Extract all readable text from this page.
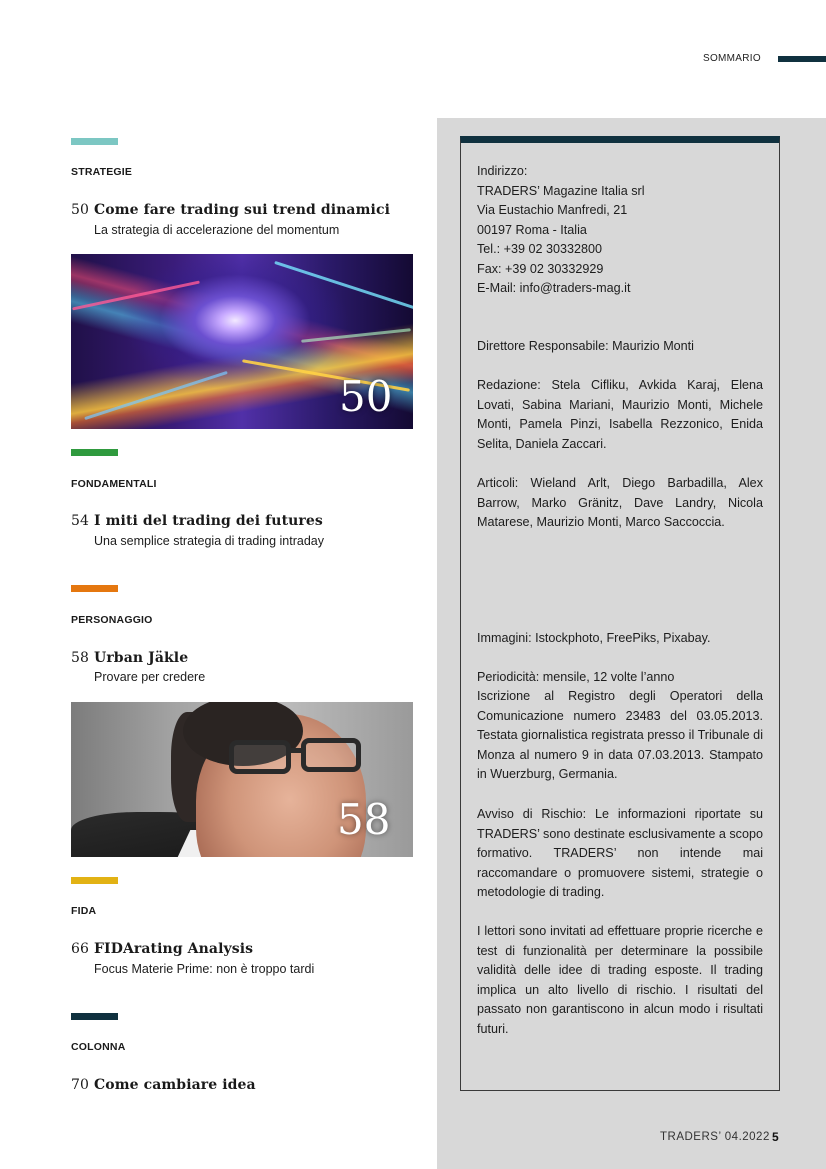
SOMMARIO
STRATEGIE
50 Come fare trading sui trend dinamici
La strategia di accelerazione del momentum
50
FONDAMENTALI
54 I miti del trading dei futures
Una semplice strategia di trading intraday
PERSONAGGIO
58 Urban Jäkle
Provare per credere
58
FIDA
66 FIDArating Analysis
Focus Materie Prime: non è troppo tardi
COLONNA
70 Come cambiare idea
Indirizzo:
TRADERS’ Magazine Italia srl
Via Eustachio Manfredi, 21
00197 Roma - Italia
Tel.: +39 02 30332800
Fax: +39 02 30332929
E-Mail: info@traders-mag.it
Direttore Responsabile: Maurizio Monti
Redazione: Stela Cifliku, Avkida Karaj, Elena Lovati, Sabina Mariani, Maurizio Monti, Michele Monti, Pamela Pinzi, Isabella Rezzonico, Enida Selita, Daniela Zaccari.
Articoli: Wieland Arlt, Diego Barbadilla, Alex Barrow, Marko Gränitz, Dave Landry, Nicola Matarese, Maurizio Monti, Marco Saccoccia.
Immagini: Istockphoto, FreePiks, Pixabay.
Periodicità: mensile, 12 volte l’anno
Iscrizione al Registro degli Operatori della Comunicazione numero 23483 del 03.05.2013. Testata giornalistica registrata presso il Tribunale di Monza al numero 9 in data 07.03.2013. Stampato in Wuerzburg, Germania.
Avviso di Rischio: Le informazioni riportate su TRADERS’ sono destinate esclusivamente a scopo formativo. TRADERS’ non intende mai raccomandare o promuovere sistemi, strategie o metodologie di trading.
I lettori sono invitati ad effettuare proprie ricerche e test di funzionalità per determinare la possibile validità delle idee di trading esposte. Il trading implica un alto livello di rischio. I risultati del passato non garantiscono in alcun modo i risultati futuri.
TRADERS’ 04.2022 5
